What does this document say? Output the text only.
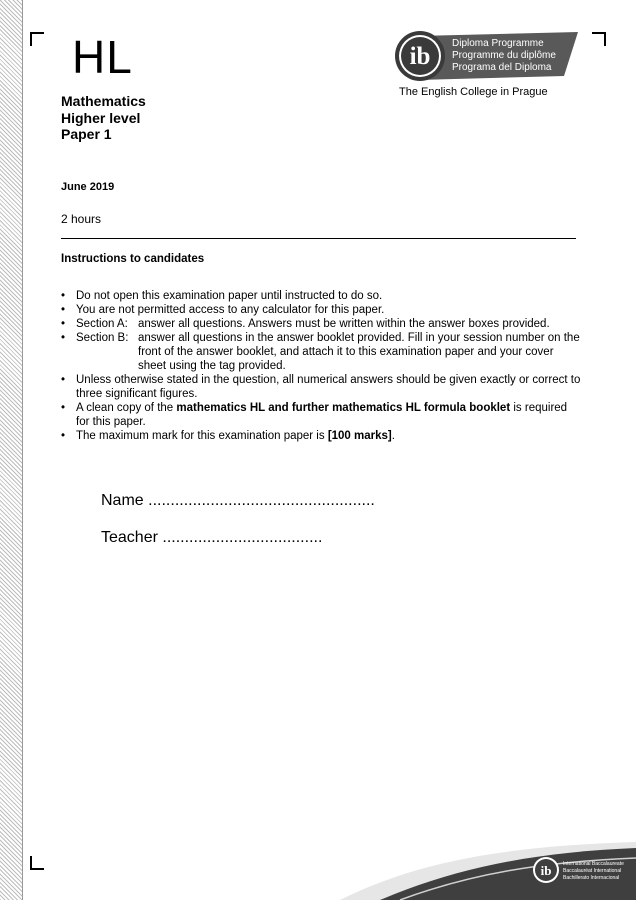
HL
Mathematics
Higher level
Paper 1
ib Diploma Programme
Programme du diplôme
Programa del Diploma
The English College in Prague
June 2019
2 hours
Instructions to candidates
• Do not open this examination paper until instructed to do so.
• You are not permitted access to any calculator for this paper.
• Section A: answer all questions. Answers must be written within the answer boxes provided.
• Section B: answer all questions in the answer booklet provided. Fill in your session number on the front of the answer booklet, and attach it to this examination paper and your cover sheet using the tag provided.
• Unless otherwise stated in the question, all numerical answers should be given exactly or correct to three significant figures.
• A clean copy of the mathematics HL and further mathematics HL formula booklet is required for this paper.
• The maximum mark for this examination paper is [100 marks].
Name ...................................................
Teacher ....................................
ib International Baccalaureate
Baccalauréat International
Bachillerato Internacional
